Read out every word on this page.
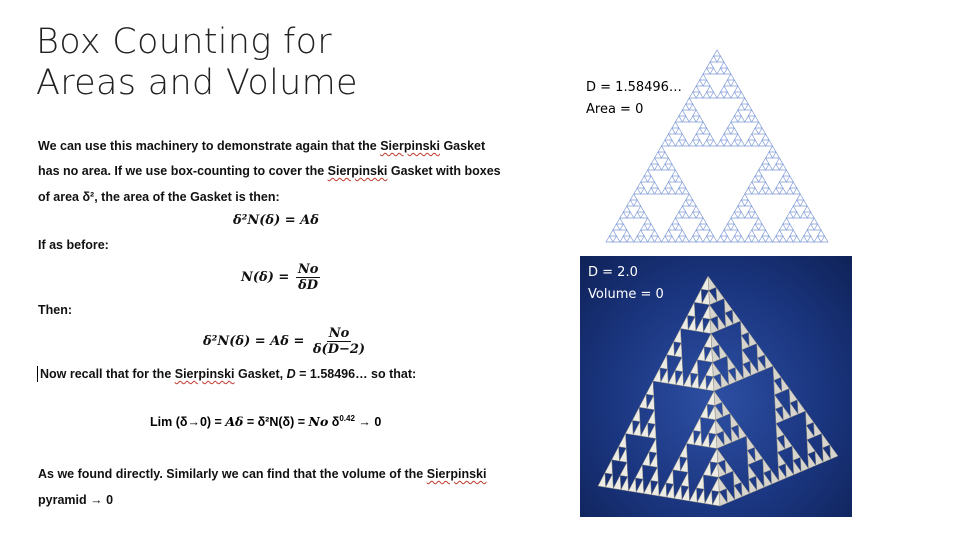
Box Counting for
Areas and Volume
We can use this machinery to demonstrate again that the Sierpinski Gasket
has no area. If we use box-counting to cover the Sierpinski Gasket with boxes
of area δ², the area of the Gasket is then:
δ²N(δ) = Aδ
If as before:
$N(\delta) = \frac{No}{\delta D}$
Then:
$\delta^2N(\delta) = A\delta = \frac{No}{\delta(D-2)}$
Now recall that for the Sierpinski Gasket, D = 1.58496… so that:
Lim (δ→0) = Aδ = δ²N(δ) = No $\delta^{0.42} \to 0$
As we found directly. Similarly we can find that the volume of the Sierpinski
pyramid → 0
D = 1.58496…
Area = 0
D = 2.0
Volume = 0
